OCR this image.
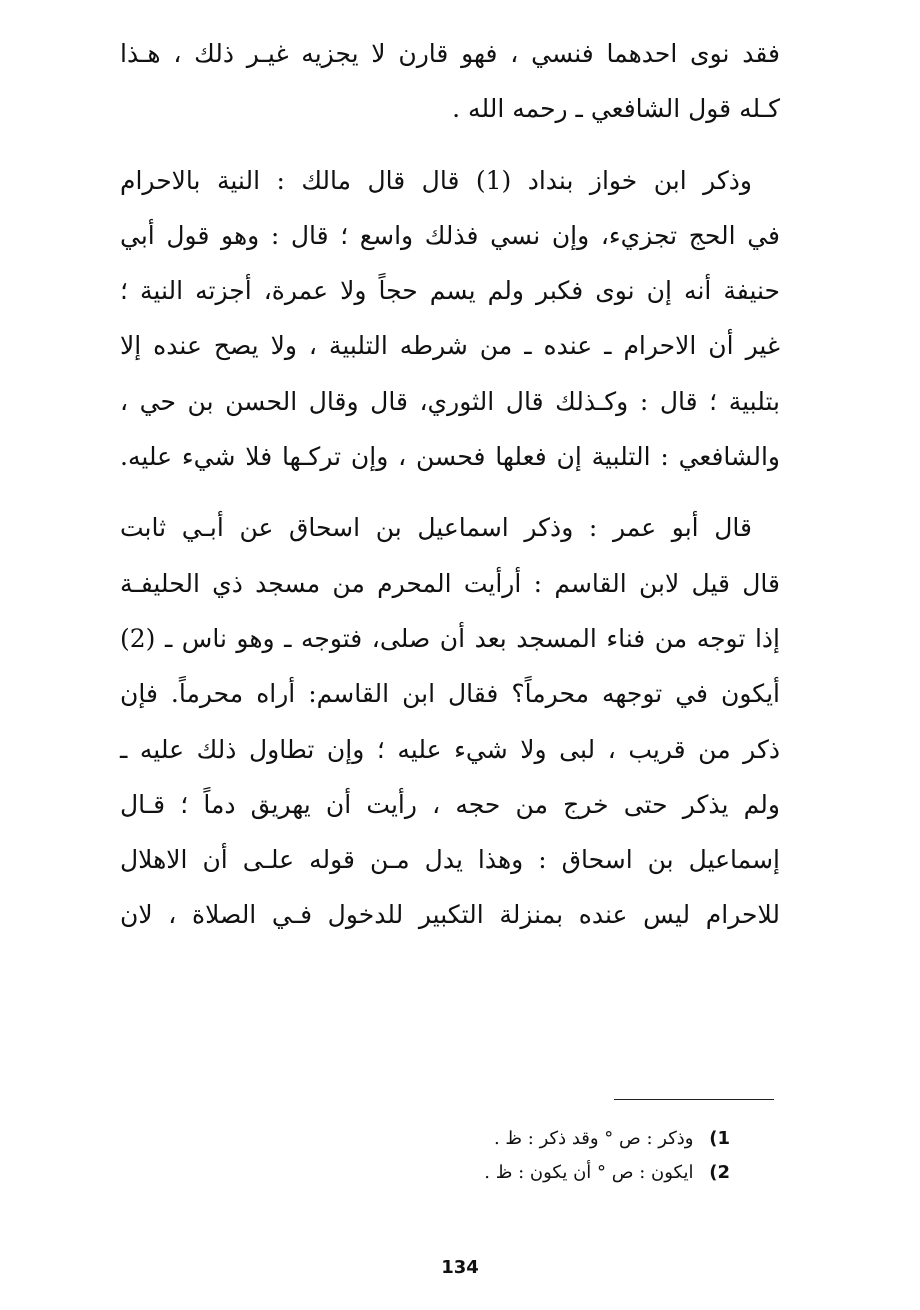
فقد نوى احدهما فنسي ، فهو قارن لا يجزيه غيـر ذلك ، هـذا
كـله قول الشافعي ـ رحمه الله .

وذكر ابن خواز بنداد (1) قال قال مالك : النية بالاحرام
في الحج تجزيء، وإن نسي فذلك واسع ؛ قال : وهو قول أبي
حنيفة أنه إن نوى فكبر ولم يسم حجاً ولا عمرة، أجزته النية ؛
غير أن الاحرام ـ عنده ـ من شرطه التلبية ، ولا يصح عنده إلا
بتلبية ؛ قال : وكـذلك قال الثوري، قال وقال الحسن بن حي ،
والشافعي : التلبية إن فعلها فحسن ، وإن تركـها فلا شيء عليه.

قال أبو عمر : وذكر اسماعيل بن اسحاق عن أبـي ثابت
قال قيل لابن القاسم : أرأيت المحرم من مسجد ذي الحليفـة
إذا توجه من فناء المسجد بعد أن صلى، فتوجه ـ وهو ناس ـ (2)
أيكون في توجهه محرماً؟ فقال ابن القاسم: أراه محرماً. فإن
ذكر من قريب ، لبى ولا شيء عليه ؛ وإن تطاول ذلك عليه ـ
ولم يذكر حتى خرج من حجه ، رأيت أن يهريق دماً ؛ قـال
إسماعيل بن اسحاق : وهذا يدل مـن قوله علـى أن الاهلال
للاحرام ليس عنده بمنزلة التكبير للدخول فـي الصلاة ، لان

1) وذكر : ص ° وقد ذكر : ظ .
2) ايكون : ص ° أن يكون : ظ .
134
